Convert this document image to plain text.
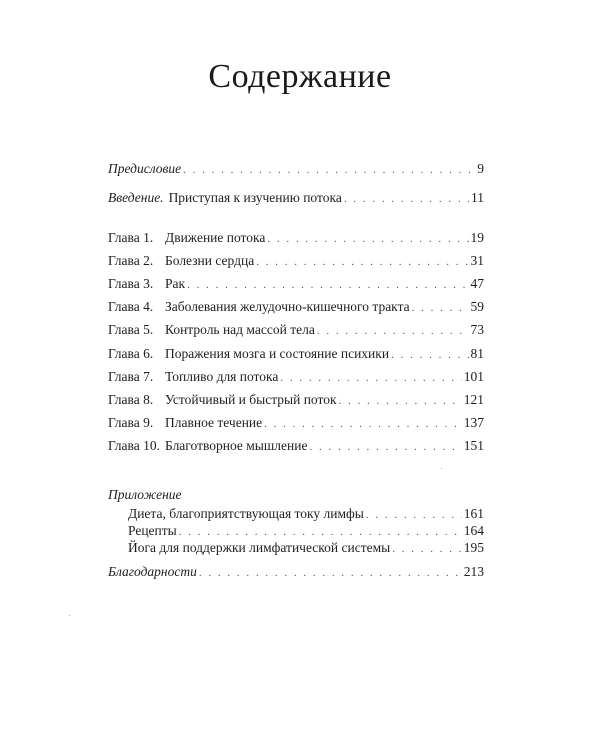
Содержание
Предисловие . . .	9
Введение. Приступая к изучению потока . . .	11
Глава 1. Движение потока . . .	19
Глава 2. Болезни сердца . . .	31
Глава 3. Рак . . .	47
Глава 4. Заболевания желудочно-кишечного тракта . . .	59
Глава 5. Контроль над массой тела . . .	73
Глава 6. Поражения мозга и состояние психики . . .	81
Глава 7. Топливо для потока . . .	101
Глава 8. Устойчивый и быстрый поток . . .	121
Глава 9. Плавное течение . . .	137
Глава 10. Благотворное мышление . . .	151
Приложение
Диета, благоприятствующая току лимфы . . .	161
Рецепты . . .	164
Йога для поддержки лимфатической системы . . .	195
Благодарности . . .	213
